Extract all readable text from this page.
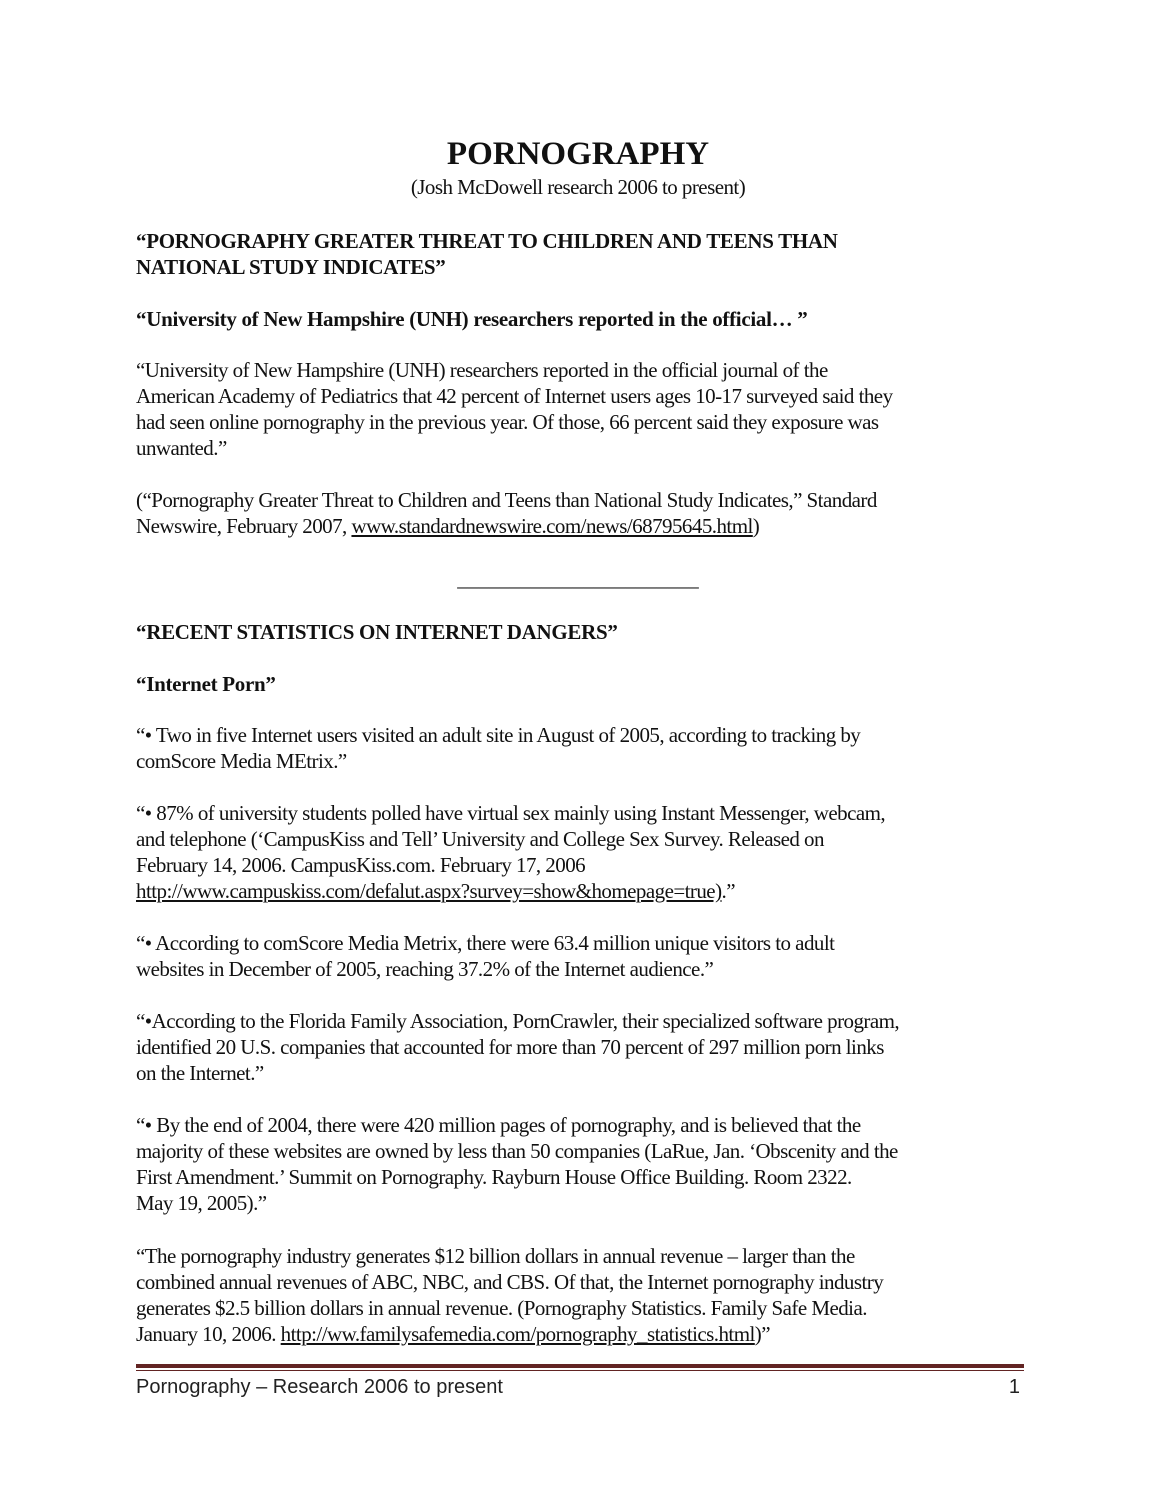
PORNOGRAPHY
(Josh McDowell research 2006 to present)
“PORNOGRAPHY GREATER THREAT TO CHILDREN AND TEENS THAN
NATIONAL STUDY INDICATES”
“University of New Hampshire (UNH) researchers reported in the official… ”
“University of New Hampshire (UNH) researchers reported in the official journal of the
American Academy of Pediatrics that 42 percent of Internet users ages 10-17 surveyed said they
had seen online pornography in the previous year. Of those, 66 percent said they exposure was
unwanted.”
(“Pornography Greater Threat to Children and Teens than National Study Indicates,” Standard
Newswire, February 2007, www.standardnewswire.com/news/68795645.html)
_______________________
“RECENT STATISTICS ON INTERNET DANGERS”
“Internet Porn”
“• Two in five Internet users visited an adult site in August of 2005, according to tracking by
comScore Media MEtrix.”
“• 87% of university students polled have virtual sex mainly using Instant Messenger, webcam,
and telephone (‘CampusKiss and Tell’ University and College Sex Survey. Released on
February 14, 2006. CampusKiss.com. February 17, 2006
http://www.campuskiss.com/defalut.aspx?survey=show&homepage=true).”
“• According to comScore Media Metrix, there were 63.4 million unique visitors to adult
websites in December of 2005, reaching 37.2% of the Internet audience.”
“•According to the Florida Family Association, PornCrawler, their specialized software program,
identified 20 U.S. companies that accounted for more than 70 percent of 297 million porn links
on the Internet.”
“• By the end of 2004, there were 420 million pages of pornography, and is believed that the
majority of these websites are owned by less than 50 companies (LaRue, Jan. ‘Obscenity and the
First Amendment.’ Summit on Pornography. Rayburn House Office Building. Room 2322.
May 19, 2005).”
“The pornography industry generates $12 billion dollars in annual revenue – larger than the
combined annual revenues of ABC, NBC, and CBS. Of that, the Internet pornography industry
generates $2.5 billion dollars in annual revenue. (Pornography Statistics. Family Safe Media.
January 10, 2006. http://ww.familysafemedia.com/pornography_statistics.html)”
Pornography – Research 2006 to present	1
